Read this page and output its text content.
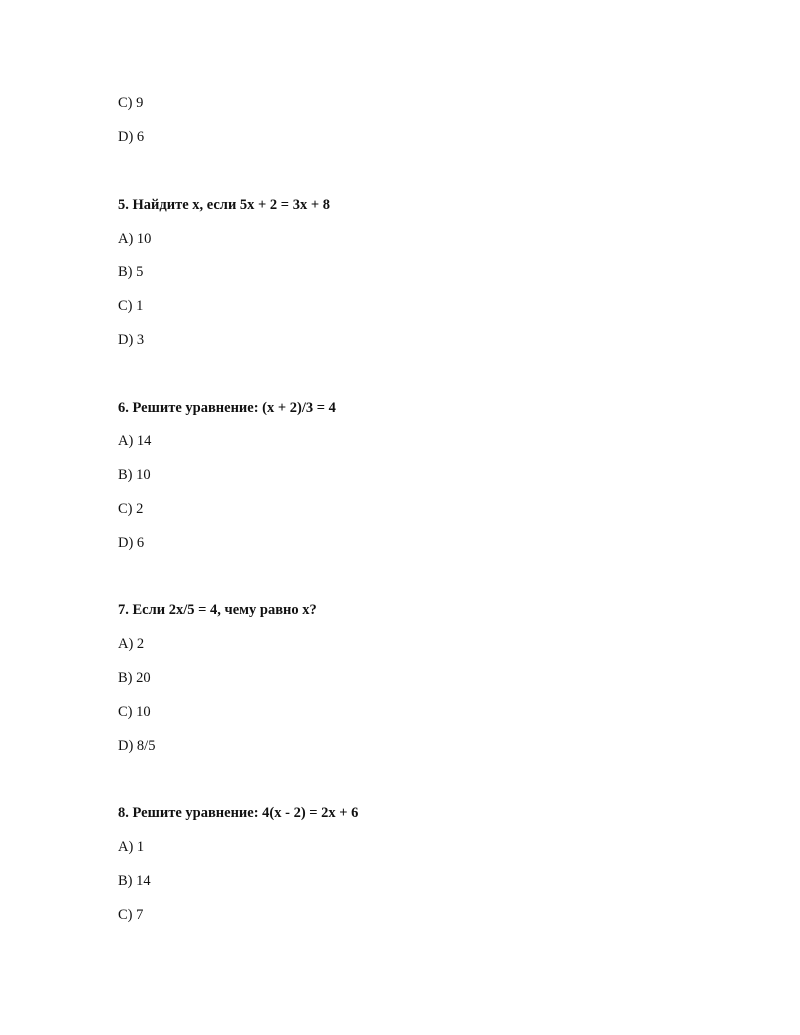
C) 9
D) 6
5. Найдите x, если 5x + 2 = 3x + 8
A) 10
B) 5
C) 1
D) 3
6. Решите уравнение: (x + 2)/3 = 4
A) 14
B) 10
C) 2
D) 6
7. Если 2x/5 = 4, чему равно x?
A) 2
B) 20
C) 10
D) 8/5
8. Решите уравнение: 4(x - 2) = 2x + 6
A) 1
B) 14
C) 7
